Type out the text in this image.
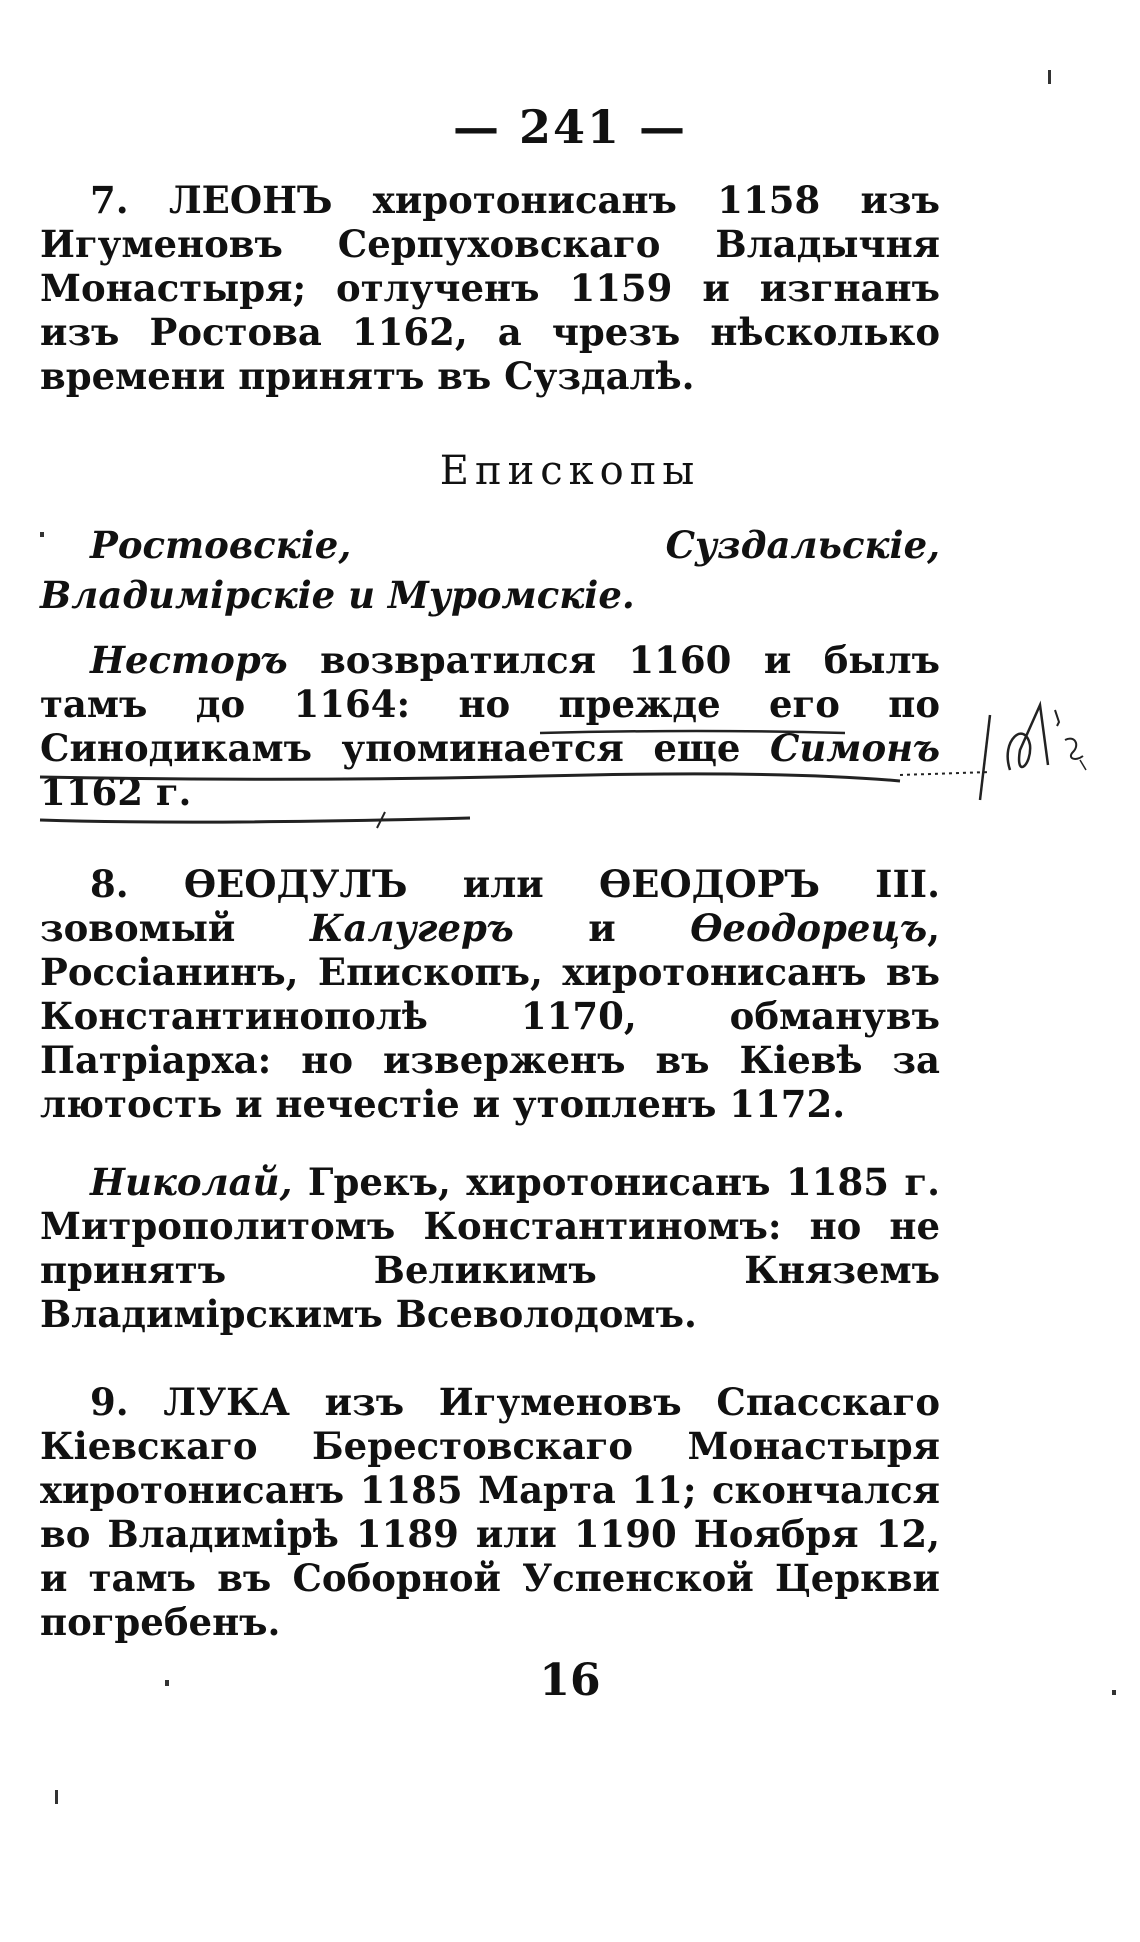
— 241 —

7. ЛЕОНЪ хиротонисанъ 1158 изъ Игуменовъ Серпуховскаго Владычня Монастыря; отлученъ 1159 и изгнанъ изъ Ростова 1162, а чрезъ нѣсколько времени принятъ въ Суздалѣ.

Епископы

Ростовскіе, Суздальскіе, Владимірскіе и Муромскіе.

Несторъ возвратился 1160 и былъ тамъ до 1164: но прежде его по Синодикамъ упоминается еще Симонъ 1162 г.

8. ѲЕОДУЛЪ или ѲЕОДОРЪ III. зовомый Калугеръ и Ѳеодорецъ, Россіанинъ, Епископъ, хиротонисанъ въ Константинополѣ 1170, обманувъ Патріарха: но изверженъ въ Кіевѣ за лютость и нечестіе и утопленъ 1172.

Николай, Грекъ, хиротонисанъ 1185 г. Митрополитомъ Константиномъ: но не принятъ Великимъ Княземъ Владимірскимъ Всеволодомъ.

9. ЛУКА изъ Игуменовъ Спасскаго Кіевскаго Берестовскаго Монастыря хиротонисанъ 1185 Марта 11; скончался во Владимірѣ 1189 или 1190 Ноября 12, и тамъ въ Соборной Успенской Церкви погребенъ.

16
